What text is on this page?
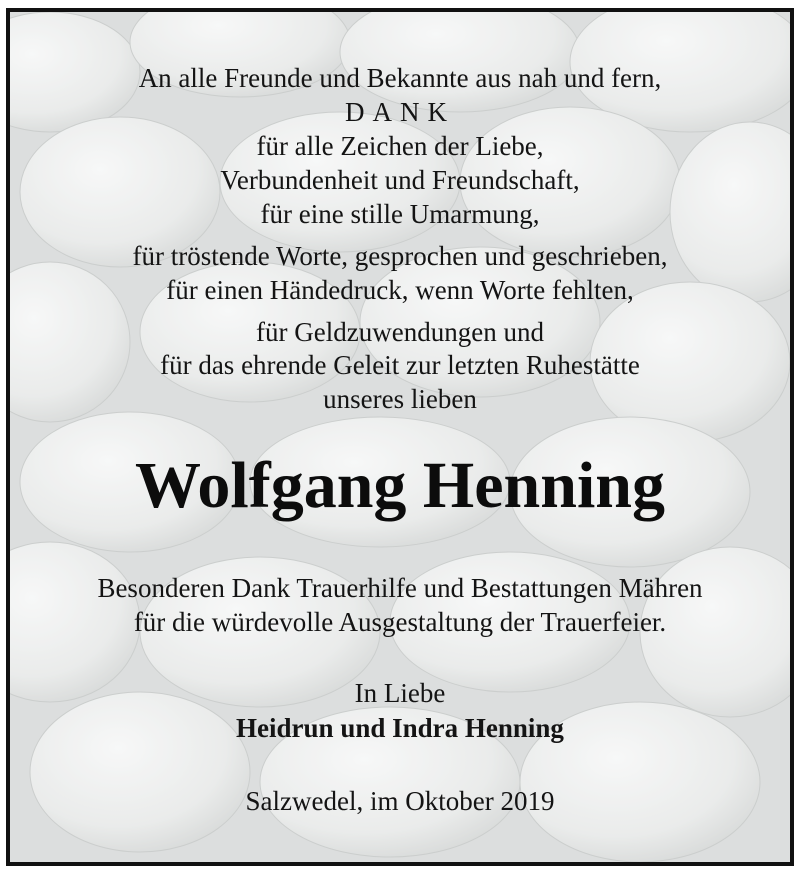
An alle Freunde und Bekannte aus nah und fern,
DANK
für alle Zeichen der Liebe,
Verbundenheit und Freundschaft,
für eine stille Umarmung,
für tröstende Worte, gesprochen und geschrieben,
für einen Händedruck, wenn Worte fehlten,
für Geldzuwendungen und
für das ehrende Geleit zur letzten Ruhestätte
unseres lieben
Wolfgang Henning
Besonderen Dank Trauerhilfe und Bestattungen Mähren
für die würdevolle Ausgestaltung der Trauerfeier.
In Liebe
Heidrun und Indra Henning
Salzwedel, im Oktober 2019
